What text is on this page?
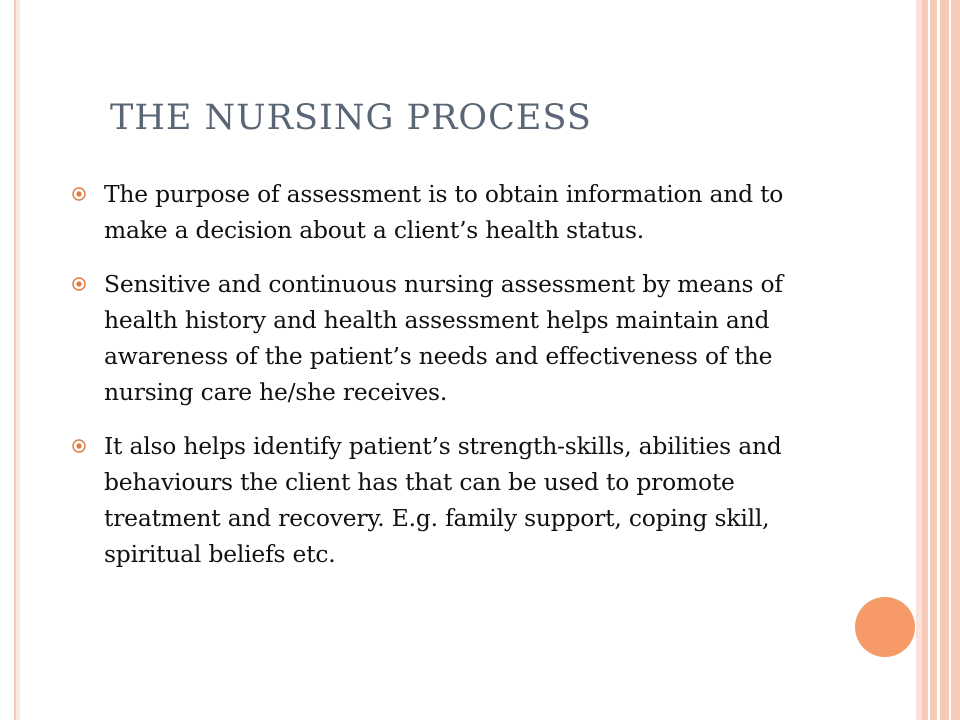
THE NURSING PROCESS
The purpose of assessment is to obtain information and to make a decision about a client’s health status.
Sensitive and continuous nursing assessment by means of health history and health assessment helps maintain and awareness of the patient’s needs and effectiveness of the nursing care he/she receives.
It also helps identify patient’s strength-skills, abilities and behaviours the client has that can be used to promote treatment and recovery. E.g. family support, coping skill, spiritual beliefs etc.
